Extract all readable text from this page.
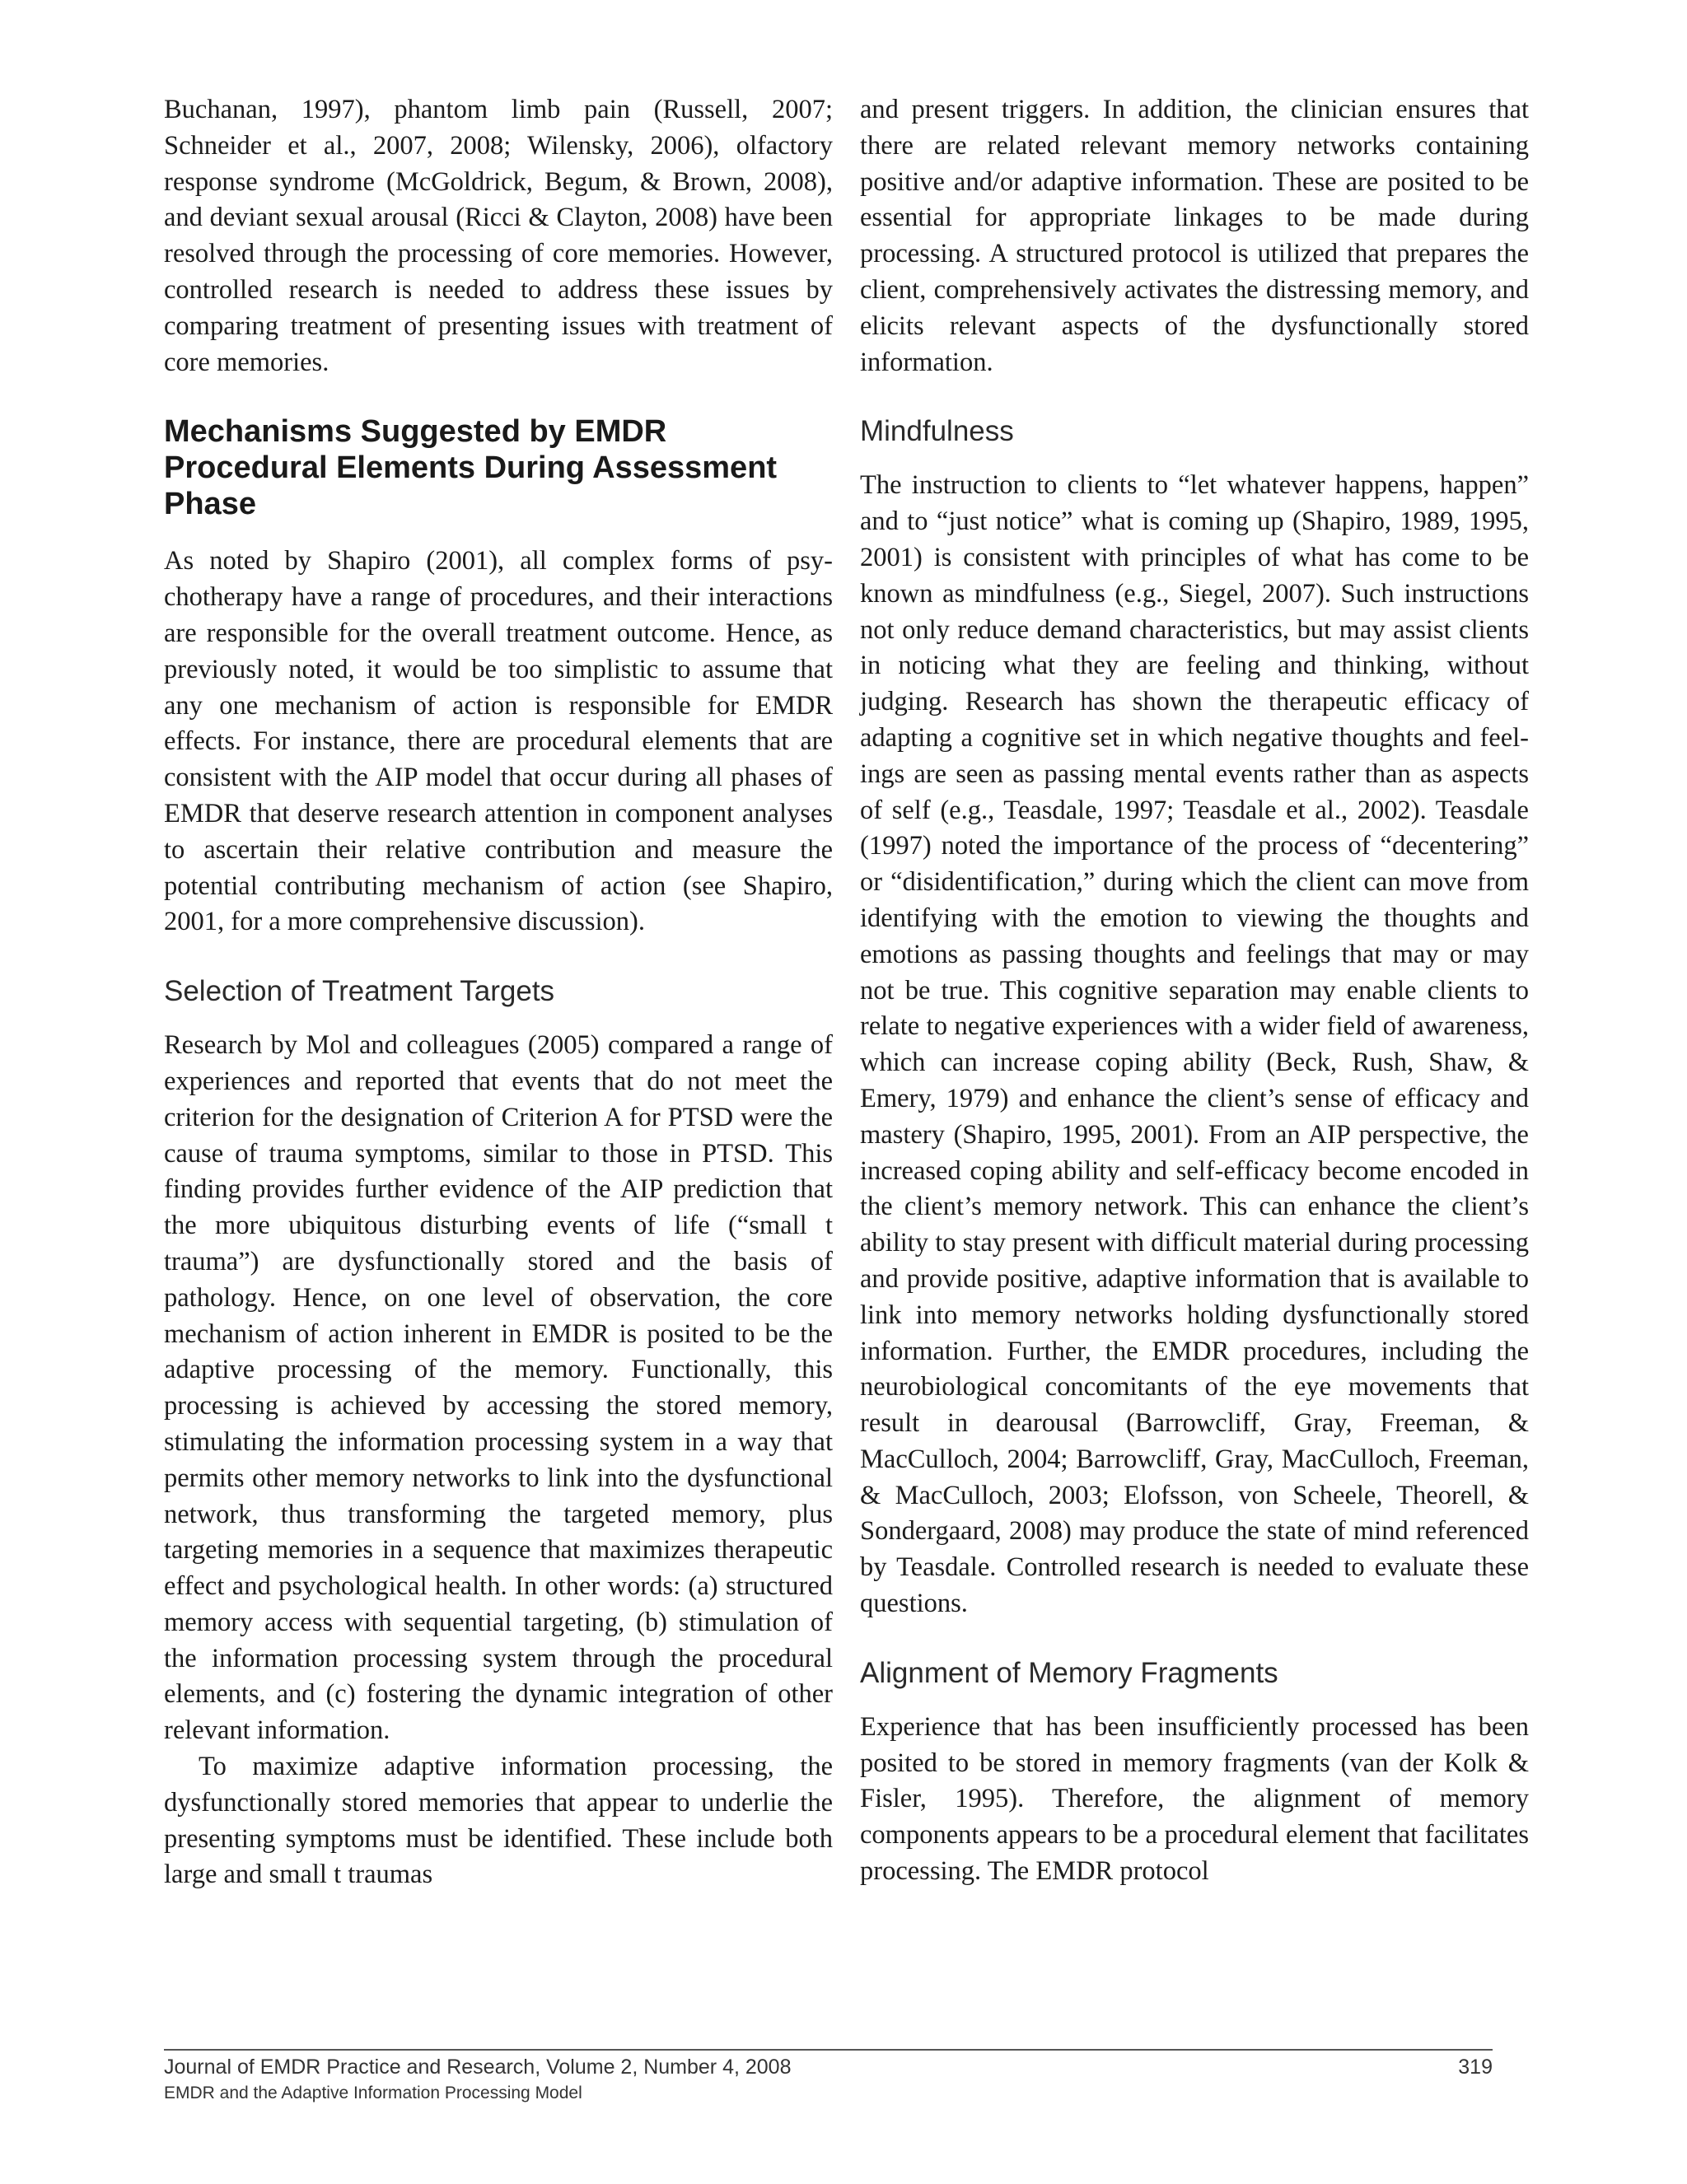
Buchanan, 1997), phantom limb pain (Russell, 2007; Schneider et al., 2007, 2008; Wilensky, 2006), olfactory response syndrome (McGoldrick, Begum, & Brown, 2008), and deviant sexual arousal (Ricci & Clayton, 2008) have been resolved through the processing of core memories. However, controlled research is needed to address these issues by comparing treatment of presenting issues with treatment of core memories.

Mechanisms Suggested by EMDR Procedural Elements During Assessment Phase

As noted by Shapiro (2001), all complex forms of psychotherapy have a range of procedures, and their interactions are responsible for the overall treatment outcome. Hence, as previously noted, it would be too simplistic to assume that any one mechanism of action is responsible for EMDR effects. For instance, there are procedural elements that are consistent with the AIP model that occur during all phases of EMDR that deserve research attention in component analyses to ascertain their relative contribution and measure the potential contributing mechanism of action (see Shapiro, 2001, for a more comprehensive discussion).

Selection of Treatment Targets

Research by Mol and colleagues (2005) compared a range of experiences and reported that events that do not meet the criterion for the designation of Criterion A for PTSD were the cause of trauma symptoms, similar to those in PTSD. This finding provides further evidence of the AIP prediction that the more ubiquitous disturbing events of life (“small t trauma”) are dysfunctionally stored and the basis of pathology. Hence, on one level of observation, the core mechanism of action inherent in EMDR is posited to be the adaptive processing of the memory. Functionally, this processing is achieved by accessing the stored memory, stimulating the information processing system in a way that permits other memory networks to link into the dysfunctional network, thus transforming the targeted memory, plus targeting memories in a sequence that maximizes therapeutic effect and psychological health. In other words: (a) structured memory access with sequential targeting, (b) stimulation of the information processing system through the procedural elements, and (c) fostering the dynamic integration of other relevant information.

To maximize adaptive information processing, the dysfunctionally stored memories that appear to underlie the presenting symptoms must be identified. These include both large and small t traumas

and present triggers. In addition, the clinician ensures that there are related relevant memory networks containing positive and/or adaptive information. These are posited to be essential for appropriate linkages to be made during processing. A structured protocol is utilized that prepares the client, comprehensively activates the distressing memory, and elicits relevant aspects of the dysfunctionally stored information.

Mindfulness

The instruction to clients to “let whatever happens, happen” and to “just notice” what is coming up (Shapiro, 1989, 1995, 2001) is consistent with principles of what has come to be known as mindfulness (e.g., Siegel, 2007). Such instructions not only reduce demand characteristics, but may assist clients in noticing what they are feeling and thinking, without judging. Research has shown the therapeutic efficacy of adapting a cognitive set in which negative thoughts and feelings are seen as passing mental events rather than as aspects of self (e.g., Teasdale, 1997; Teasdale et al., 2002). Teasdale (1997) noted the importance of the process of “decentering” or “disidentification,” during which the client can move from identifying with the emotion to viewing the thoughts and emotions as passing thoughts and feelings that may or may not be true. This cognitive separation may enable clients to relate to negative experiences with a wider field of awareness, which can increase coping ability (Beck, Rush, Shaw, & Emery, 1979) and enhance the client’s sense of efficacy and mastery (Shapiro, 1995, 2001). From an AIP perspective, the increased coping ability and self-efficacy become encoded in the client’s memory network. This can enhance the client’s ability to stay present with difficult material during processing and provide positive, adaptive information that is available to link into memory networks holding dysfunctionally stored information. Further, the EMDR procedures, including the neurobiological concomitants of the eye movements that result in dearousal (Barrowcliff, Gray, Freeman, & MacCulloch, 2004; Barrowcliff, Gray, MacCulloch, Freeman, & MacCulloch, 2003; Elofsson, von Scheele, Theorell, & Sondergaard, 2008) may produce the state of mind referenced by Teasdale. Controlled research is needed to evaluate these questions.

Alignment of Memory Fragments

Experience that has been insufficiently processed has been posited to be stored in memory fragments (van der Kolk & Fisler, 1995). Therefore, the alignment of memory components appears to be a procedural element that facilitates processing. The EMDR protocol

Journal of EMDR Practice and Research, Volume 2, Number 4, 2008	319
EMDR and the Adaptive Information Processing Model
